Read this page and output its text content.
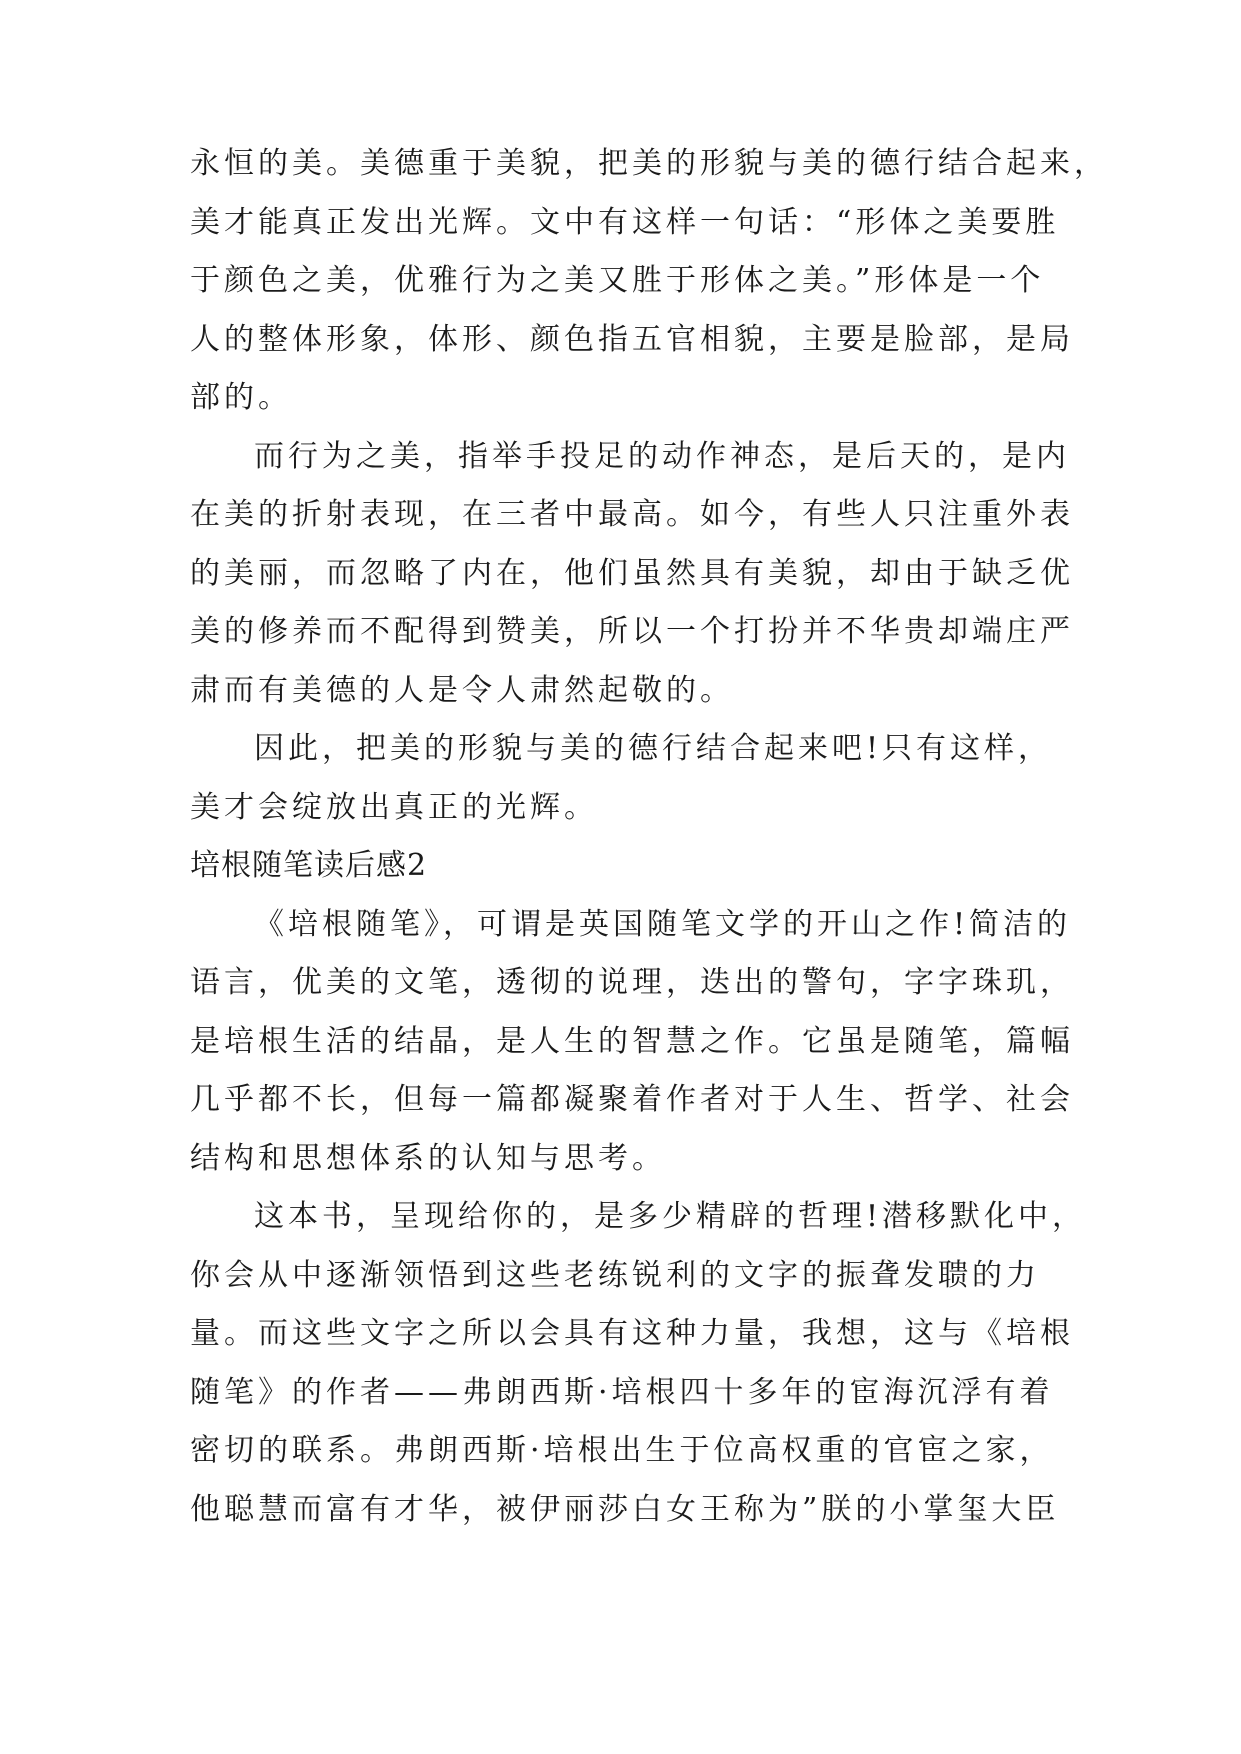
永恒的美。美德重于美貌，把美的形貌与美的德行结合起来，
美才能真正发出光辉。文中有这样一句话：“形体之美要胜
于颜色之美，优雅行为之美又胜于形体之美。”形体是一个
人的整体形象，体形、颜色指五官相貌，主要是脸部，是局
部的。
而行为之美，指举手投足的动作神态，是后天的，是内
在美的折射表现，在三者中最高。如今，有些人只注重外表
的美丽，而忽略了内在，他们虽然具有美貌，却由于缺乏优
美的修养而不配得到赞美，所以一个打扮并不华贵却端庄严
肃而有美德的人是令人肃然起敬的。
因此，把美的形貌与美的德行结合起来吧!只有这样，
美才会绽放出真正的光辉。
培根随笔读后感2
《培根随笔》，可谓是英国随笔文学的开山之作!简洁的
语言，优美的文笔，透彻的说理，迭出的警句，字字珠玑，
是培根生活的结晶，是人生的智慧之作。它虽是随笔，篇幅
几乎都不长，但每一篇都凝聚着作者对于人生、哲学、社会
结构和思想体系的认知与思考。
这本书，呈现给你的，是多少精辟的哲理!潜移默化中，
你会从中逐渐领悟到这些老练锐利的文字的振聋发聩的力
量。而这些文字之所以会具有这种力量，我想，这与《培根
随笔》的作者——弗朗西斯·培根四十多年的宦海沉浮有着
密切的联系。弗朗西斯·培根出生于位高权重的官宦之家，
他聪慧而富有才华，被伊丽莎白女王称为”朕的小掌玺大臣
